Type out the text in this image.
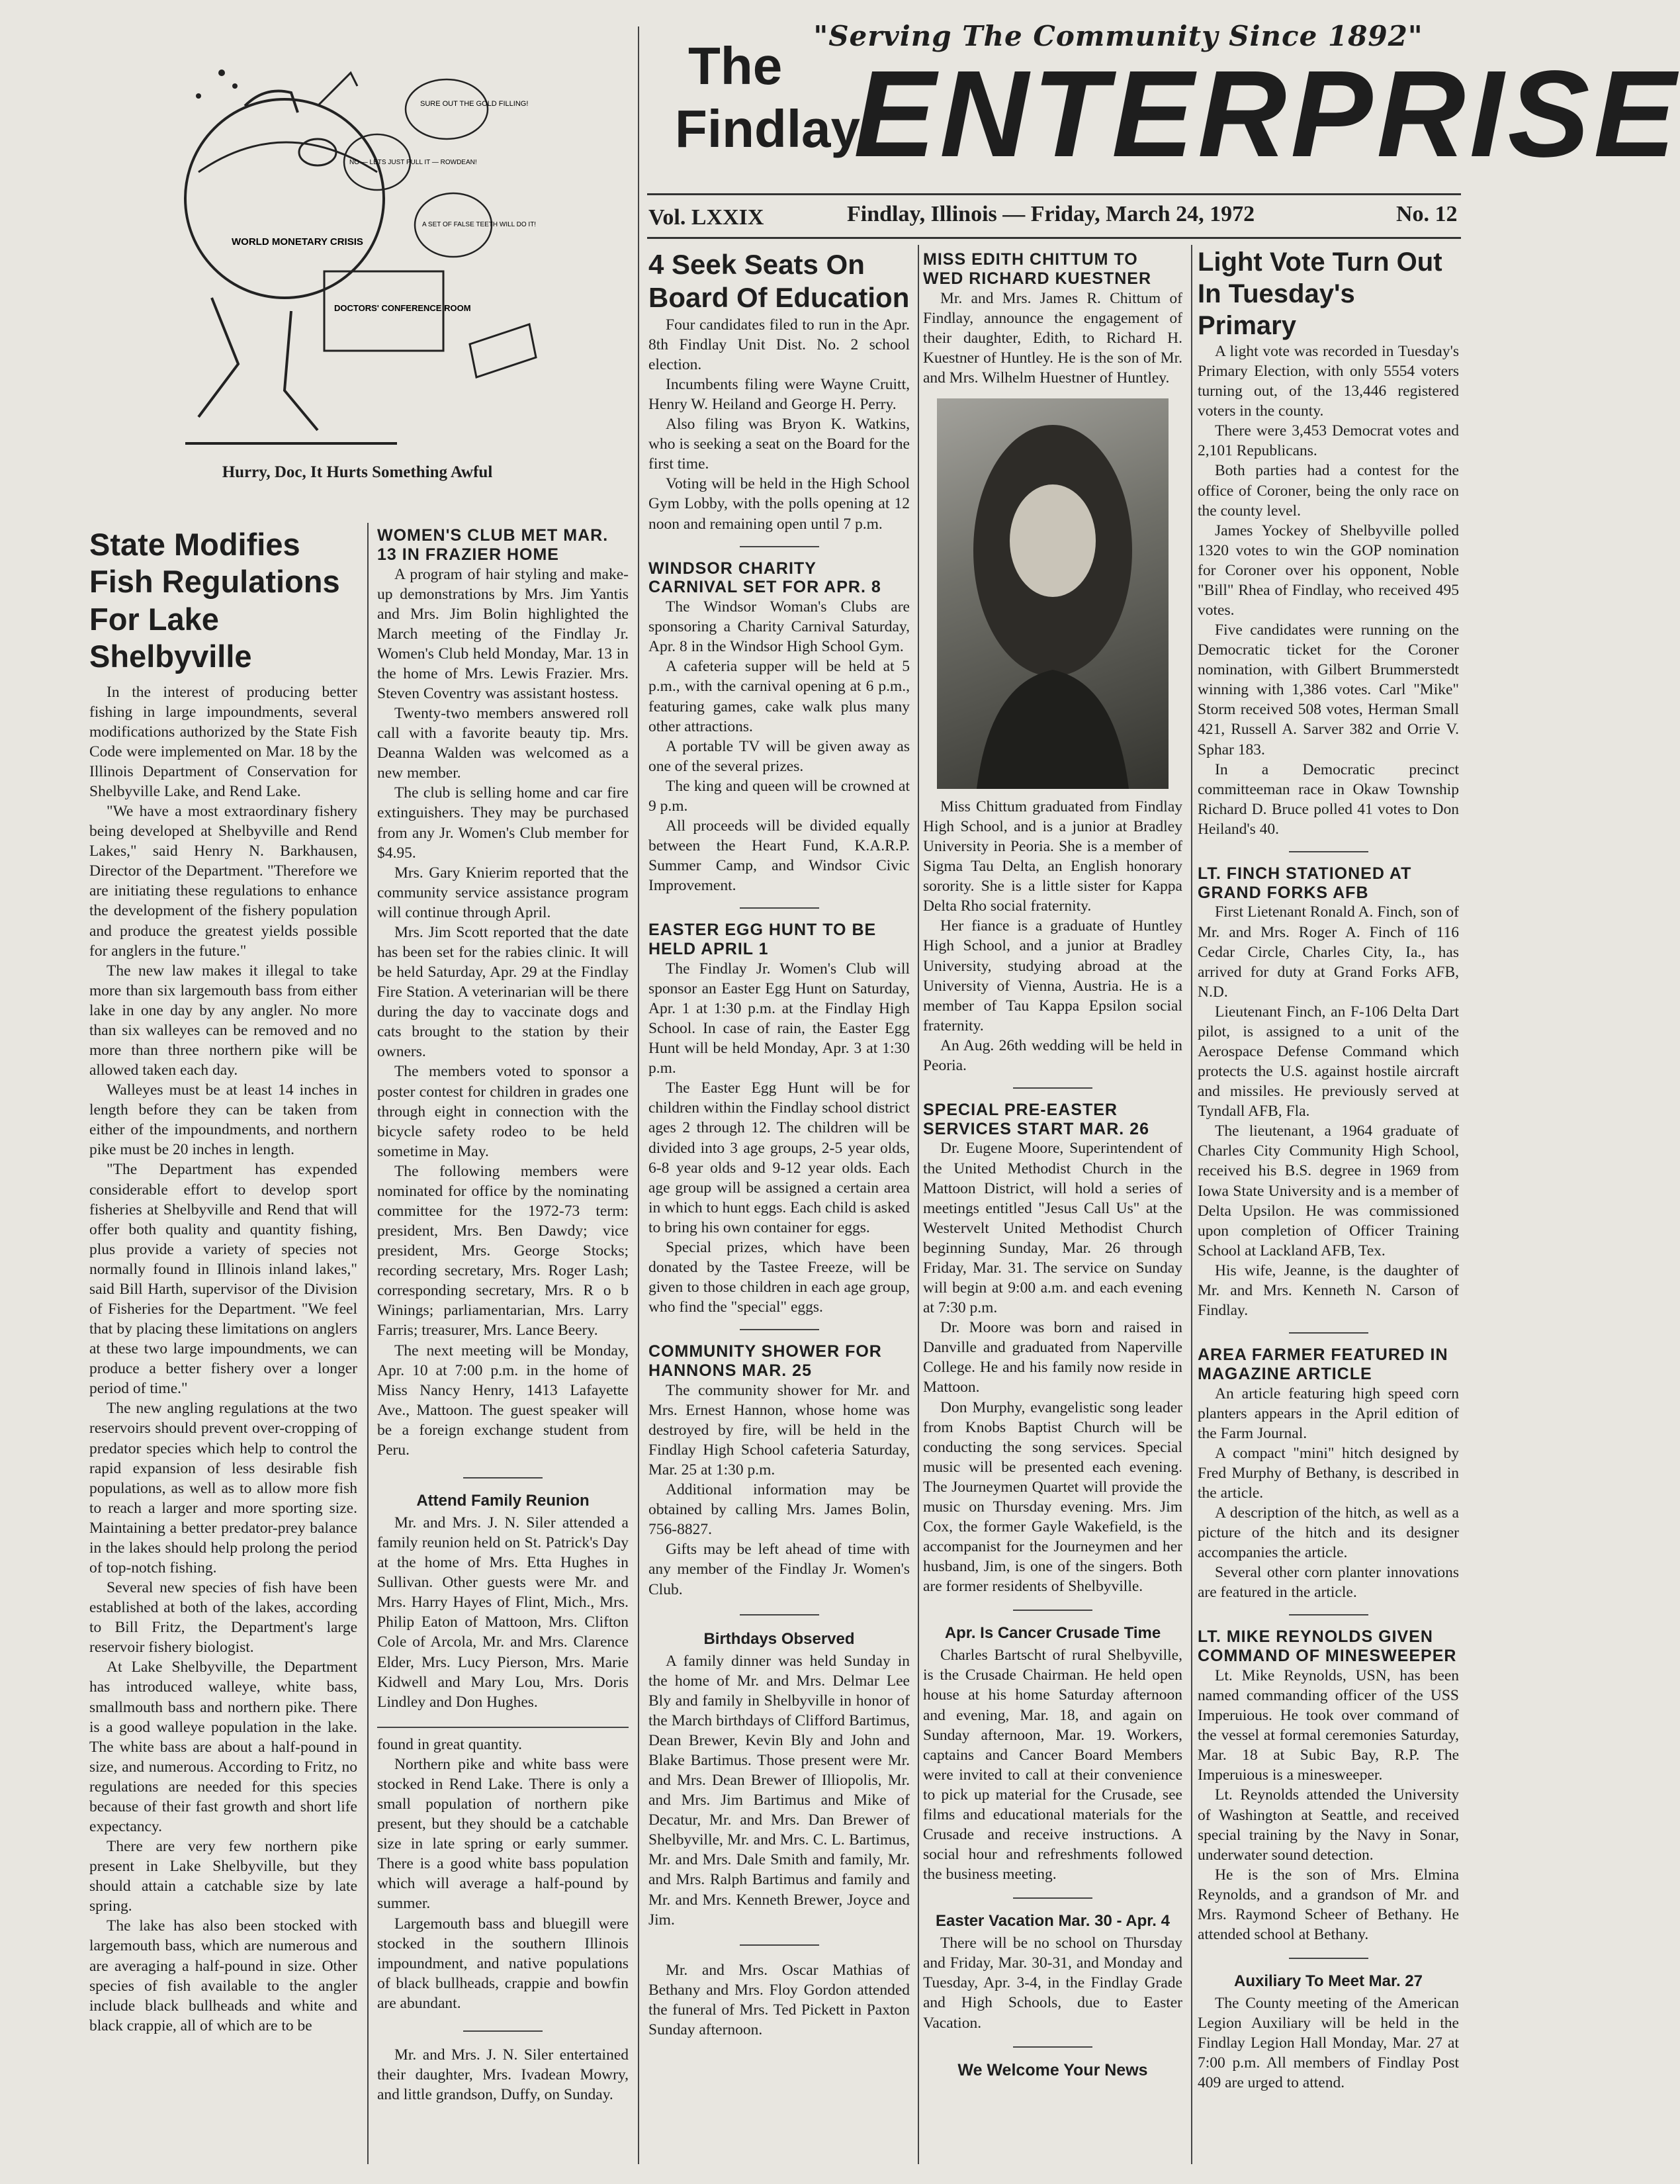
WORLD MONETARY CRISIS
SURE OUT THE GOLD FILLING!
NO — LETS JUST PULL IT — ROWDEAN!
A SET OF FALSE TEETH WILL DO IT!
DOCTORS' CONFERENCE ROOM
Hurry, Doc, It Hurts Something Awful
"Serving The Community Since 1892"
The
Findlay
ENTERPRISE
Vol. LXXIX	Findlay, Illinois — Friday, March 24, 1972	No. 12
State Modifies Fish Regulations For Lake Shelbyville

In the interest of producing better fishing in large impoundments, several modifications authorized by the State Fish Code were implemented on Mar. 18 by the Illinois Department of Conservation for Shelbyville Lake, and Rend Lake.

"We have a most extraordinary fishery being developed at Shelbyville and Rend Lakes," said Henry N. Barkhausen, Director of the Department. "Therefore we are initiating these regulations to enhance the development of the fishery population and produce the greatest yields possible for anglers in the future."

The new law makes it illegal to take more than six largemouth bass from either lake in one day by any angler. No more than six walleyes can be removed and no more than three northern pike will be allowed taken each day.

Walleyes must be at least 14 inches in length before they can be taken from either of the impoundments, and northern pike must be 20 inches in length.

"The Department has expended considerable effort to develop sport fisheries at Shelbyville and Rend that will offer both quality and quantity fishing, plus provide a variety of species not normally found in Illinois inland lakes," said Bill Harth, supervisor of the Division of Fisheries for the Department. "We feel that by placing these limitations on anglers at these two large impoundments, we can produce a better fishery over a longer period of time."

The new angling regulations at the two reservoirs should prevent over-cropping of predator species which help to control the rapid expansion of less desirable fish populations, as well as to allow more fish to reach a larger and more sporting size. Maintaining a better predator-prey balance in the lakes should help prolong the period of top-notch fishing.

Several new species of fish have been established at both of the lakes, according to Bill Fritz, the Department's large reservoir fishery biologist.

At Lake Shelbyville, the Department has introduced walleye, white bass, smallmouth bass and northern pike. There is a good walleye population in the lake. The white bass are about a half-pound in size, and numerous. According to Fritz, no regulations are needed for this species because of their fast growth and short life expectancy.

There are very few northern pike present in Lake Shelbyville, but they should attain a catchable size by late spring.

The lake has also been stocked with largemouth bass, which are numerous and are averaging a half-pound in size. Other species of fish available to the angler include black bullheads and white and black crappie, all of which are to be

WOMEN'S CLUB MET MAR. 13 IN FRAZIER HOME

A program of hair styling and make-up demonstrations by Mrs. Jim Yantis and Mrs. Jim Bolin highlighted the March meeting of the Findlay Jr. Women's Club held Monday, Mar. 13 in the home of Mrs. Lewis Frazier. Mrs. Steven Coventry was assistant hostess.

Twenty-two members answered roll call with a favorite beauty tip. Mrs. Deanna Walden was welcomed as a new member.

The club is selling home and car fire extinguishers. They may be purchased from any Jr. Women's Club member for $4.95.

Mrs. Gary Knierim reported that the community service assistance program will continue through April.

Mrs. Jim Scott reported that the date has been set for the rabies clinic. It will be held Saturday, Apr. 29 at the Findlay Fire Station. A veterinarian will be there during the day to vaccinate dogs and cats brought to the station by their owners.

The members voted to sponsor a poster contest for children in grades one through eight in connection with the bicycle safety rodeo to be held sometime in May.

The following members were nominated for office by the nominating committee for the 1972-73 term: president, Mrs. Ben Dawdy; vice president, Mrs. George Stocks; recording secretary, Mrs. Roger Lash; corresponding secretary, Mrs. R o b Winings; parliamentarian, Mrs. Larry Farris; treasurer, Mrs. Lance Beery.

The next meeting will be Monday, Apr. 10 at 7:00 p.m. in the home of Miss Nancy Henry, 1413 Lafayette Ave., Mattoon. The guest speaker will be a foreign exchange student from Peru.

Attend Family Reunion

Mr. and Mrs. J. N. Siler attended a family reunion held on St. Patrick's Day at the home of Mrs. Etta Hughes in Sullivan. Other guests were Mr. and Mrs. Harry Hayes of Flint, Mich., Mrs. Philip Eaton of Mattoon, Mrs. Clifton Cole of Arcola, Mr. and Mrs. Clarence Elder, Mrs. Lucy Pierson, Mrs. Marie Kidwell and Mary Lou, Mrs. Doris Lindley and Don Hughes.

found in great quantity.

Northern pike and white bass were stocked in Rend Lake. There is only a small population of northern pike present, but they should be a catchable size in late spring or early summer. There is a good white bass population which will average a half-pound by summer.

Largemouth bass and bluegill were stocked in the southern Illinois impoundment, and native populations of black bullheads, crappie and bowfin are abundant.

Mr. and Mrs. J. N. Siler entertained their daughter, Mrs. Ivadean Mowry, and little grandson, Duffy, on Sunday.

4 Seek Seats On Board Of Education

Four candidates filed to run in the Apr. 8th Findlay Unit Dist. No. 2 school election.

Incumbents filing were Wayne Cruitt, Henry W. Heiland and George H. Perry.

Also filing was Bryon K. Watkins, who is seeking a seat on the Board for the first time.

Voting will be held in the High School Gym Lobby, with the polls opening at 12 noon and remaining open until 7 p.m.

WINDSOR CHARITY CARNIVAL SET FOR APR. 8

The Windsor Woman's Clubs are sponsoring a Charity Carnival Saturday, Apr. 8 in the Windsor High School Gym.

A cafeteria supper will be held at 5 p.m., with the carnival opening at 6 p.m., featuring games, cake walk plus many other attractions.

A portable TV will be given away as one of the several prizes.

The king and queen will be crowned at 9 p.m.

All proceeds will be divided equally between the Heart Fund, K.A.R.P. Summer Camp, and Windsor Civic Improvement.

EASTER EGG HUNT TO BE HELD APRIL 1

The Findlay Jr. Women's Club will sponsor an Easter Egg Hunt on Saturday, Apr. 1 at 1:30 p.m. at the Findlay High School. In case of rain, the Easter Egg Hunt will be held Monday, Apr. 3 at 1:30 p.m.

The Easter Egg Hunt will be for children within the Findlay school district ages 2 through 12. The children will be divided into 3 age groups, 2-5 year olds, 6-8 year olds and 9-12 year olds. Each age group will be assigned a certain area in which to hunt eggs. Each child is asked to bring his own container for eggs.

Special prizes, which have been donated by the Tastee Freeze, will be given to those children in each age group, who find the "special" eggs.

COMMUNITY SHOWER FOR HANNONS MAR. 25

The community shower for Mr. and Mrs. Ernest Hannon, whose home was destroyed by fire, will be held in the Findlay High School cafeteria Saturday, Mar. 25 at 1:30 p.m.

Additional information may be obtained by calling Mrs. James Bolin, 756-8827.

Gifts may be left ahead of time with any member of the Findlay Jr. Women's Club.

Birthdays Observed

A family dinner was held Sunday in the home of Mr. and Mrs. Delmar Lee Bly and family in Shelbyville in honor of the March birthdays of Clifford Bartimus, Dean Brewer, Kevin Bly and John and Blake Bartimus. Those present were Mr. and Mrs. Dean Brewer of Illiopolis, Mr. and Mrs. Jim Bartimus and Mike of Decatur, Mr. and Mrs. Dan Brewer of Shelbyville, Mr. and Mrs. C. L. Bartimus, Mr. and Mrs. Dale Smith and family, Mr. and Mrs. Ralph Bartimus and family and Mr. and Mrs. Kenneth Brewer, Joyce and Jim.

Mr. and Mrs. Oscar Mathias of Bethany and Mrs. Floy Gordon attended the funeral of Mrs. Ted Pickett in Paxton Sunday afternoon.

MISS EDITH CHITTUM TO WED RICHARD KUESTNER

Mr. and Mrs. James R. Chittum of Findlay, announce the engagement of their daughter, Edith, to Richard H. Kuestner of Huntley. He is the son of Mr. and Mrs. Wilhelm Huestner of Huntley.

Miss Chittum graduated from Findlay High School, and is a junior at Bradley University in Peoria. She is a member of Sigma Tau Delta, an English honorary sorority. She is a little sister for Kappa Delta Rho social fraternity.

Her fiance is a graduate of Huntley High School, and a junior at Bradley University, studying abroad at the University of Vienna, Austria. He is a member of Tau Kappa Epsilon social fraternity.

An Aug. 26th wedding will be held in Peoria.

SPECIAL PRE-EASTER SERVICES START MAR. 26

Dr. Eugene Moore, Superintendent of the United Methodist Church in the Mattoon District, will hold a series of meetings entitled "Jesus Call Us" at the Westervelt United Methodist Church beginning Sunday, Mar. 26 through Friday, Mar. 31. The service on Sunday will begin at 9:00 a.m. and each evening at 7:30 p.m.

Dr. Moore was born and raised in Danville and graduated from Naperville College. He and his family now reside in Mattoon.

Don Murphy, evangelistic song leader from Knobs Baptist Church will be conducting the song services. Special music will be presented each evening. The Journeymen Quartet will provide the music on Thursday evening. Mrs. Jim Cox, the former Gayle Wakefield, is the accompanist for the Journeymen and her husband, Jim, is one of the singers. Both are former residents of Shelbyville.

Apr. Is Cancer Crusade Time

Charles Bartscht of rural Shelbyville, is the Crusade Chairman. He held open house at his home Saturday afternoon and evening, Mar. 18, and again on Sunday afternoon, Mar. 19. Workers, captains and Cancer Board Members were invited to call at their convenience to pick up material for the Crusade, see films and educational materials for the Crusade and receive instructions. A social hour and refreshments followed the business meeting.

Easter Vacation Mar. 30 - Apr. 4

There will be no school on Thursday and Friday, Mar. 30-31, and Monday and Tuesday, Apr. 3-4, in the Findlay Grade and High Schools, due to Easter Vacation.

We Welcome Your News
Light Vote Turn Out In Tuesday's Primary

A light vote was recorded in Tuesday's Primary Election, with only 5554 voters turning out, of the 13,446 registered voters in the county.

There were 3,453 Democrat votes and 2,101 Republicans.

Both parties had a contest for the office of Coroner, being the only race on the county level.

James Yockey of Shelbyville polled 1320 votes to win the GOP nomination for Coroner over his opponent, Noble "Bill" Rhea of Findlay, who received 495 votes.

Five candidates were running on the Democratic ticket for the Coroner nomination, with Gilbert Brummerstedt winning with 1,386 votes. Carl "Mike" Storm received 508 votes, Herman Small 421, Russell A. Sarver 382 and Orrie V. Sphar 183.

In a Democratic precinct committeeman race in Okaw Township Richard D. Bruce polled 41 votes to Don Heiland's 40.

LT. FINCH STATIONED AT GRAND FORKS AFB

First Lietenant Ronald A. Finch, son of Mr. and Mrs. Roger A. Finch of 116 Cedar Circle, Charles City, Ia., has arrived for duty at Grand Forks AFB, N.D.

Lieutenant Finch, an F-106 Delta Dart pilot, is assigned to a unit of the Aerospace Defense Command which protects the U.S. against hostile aircraft and missiles. He previously served at Tyndall AFB, Fla.

The lieutenant, a 1964 graduate of Charles City Community High School, received his B.S. degree in 1969 from Iowa State University and is a member of Delta Upsilon. He was commissioned upon completion of Officer Training School at Lackland AFB, Tex.

His wife, Jeanne, is the daughter of Mr. and Mrs. Kenneth N. Carson of Findlay.

AREA FARMER FEATURED IN MAGAZINE ARTICLE

An article featuring high speed corn planters appears in the April edition of the Farm Journal.

A compact "mini" hitch designed by Fred Murphy of Bethany, is described in the article.

A description of the hitch, as well as a picture of the hitch and its designer accompanies the article.

Several other corn planter innovations are featured in the article.

LT. MIKE REYNOLDS GIVEN COMMAND OF MINESWEEPER

Lt. Mike Reynolds, USN, has been named commanding officer of the USS Imperuious. He took over command of the vessel at formal ceremonies Saturday, Mar. 18 at Subic Bay, R.P. The Imperuious is a minesweeper.

Lt. Reynolds attended the University of Washington at Seattle, and received special training by the Navy in Sonar, underwater sound detection.

He is the son of Mrs. Elmina Reynolds, and a grandson of Mr. and Mrs. Raymond Scheer of Bethany. He attended school at Bethany.

Auxiliary To Meet Mar. 27

The County meeting of the American Legion Auxiliary will be held in the Findlay Legion Hall Monday, Mar. 27 at 7:00 p.m. All members of Findlay Post 409 are urged to attend.
